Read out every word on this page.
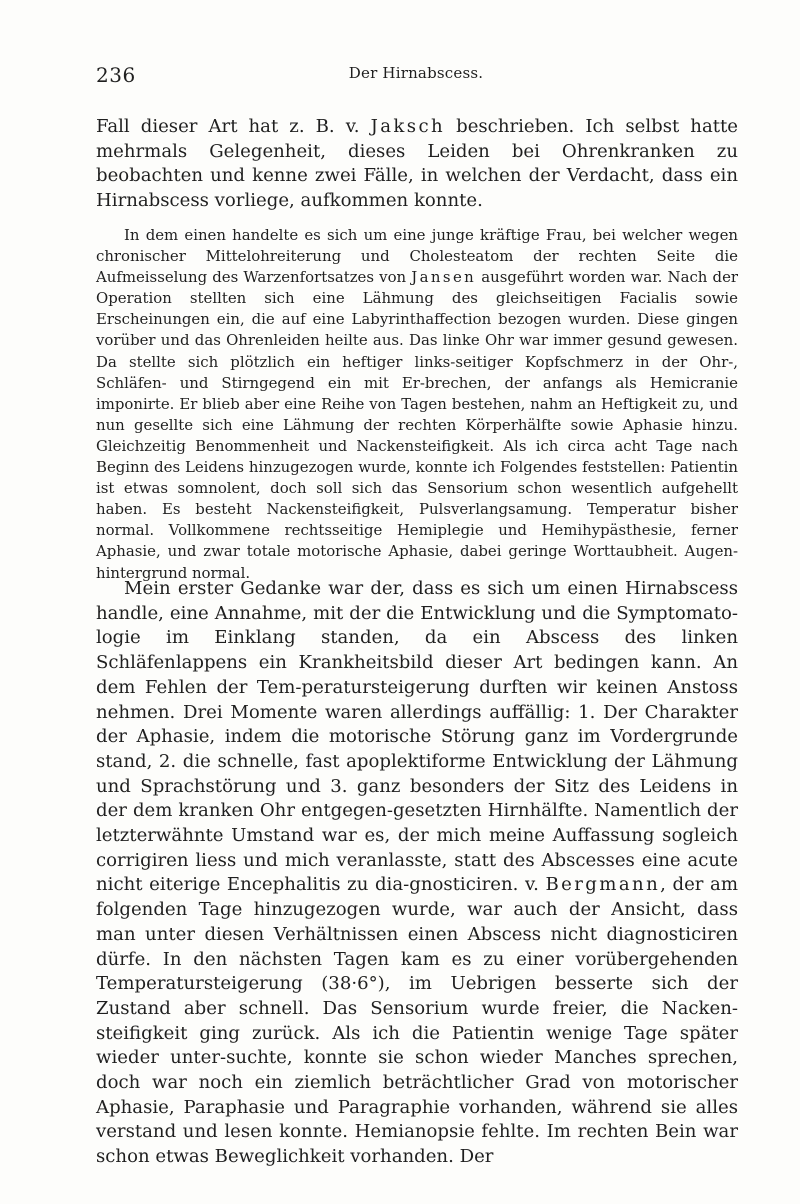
236	Der Hirnabscess.

Fall dieser Art hat z. B. v. Jaksch beschrieben. Ich selbst hatte mehrmals Gelegenheit, dieses Leiden bei Ohrenkranken zu beobachten und kenne zwei Fälle, in welchen der Verdacht, dass ein Hirnabscess vorliege, aufkommen konnte.

In dem einen handelte es sich um eine junge kräftige Frau, bei welcher wegen chronischer Mittelohreiterung und Cholesteatom der rechten Seite die Aufmeisselung des Warzenfortsatzes von Jansen ausgeführt worden war. Nach der Operation stellten sich eine Lähmung des gleichseitigen Facialis sowie Erscheinungen ein, die auf eine Labyrinthaffection bezogen wurden. Diese gingen vorüber und das Ohrenleiden heilte aus. Das linke Ohr war immer gesund gewesen. Da stellte sich plötzlich ein heftiger links-seitiger Kopfschmerz in der Ohr-, Schläfen- und Stirngegend ein mit Er-brechen, der anfangs als Hemicranie imponirte. Er blieb aber eine Reihe von Tagen bestehen, nahm an Heftigkeit zu, und nun gesellte sich eine Lähmung der rechten Körperhälfte sowie Aphasie hinzu. Gleichzeitig Benommenheit und Nackensteifigkeit. Als ich circa acht Tage nach Beginn des Leidens hinzugezogen wurde, konnte ich Folgendes feststellen: Patientin ist etwas somnolent, doch soll sich das Sensorium schon wesentlich aufgehellt haben. Es besteht Nackensteifigkeit, Pulsverlangsamung. Temperatur bisher normal. Vollkommene rechtsseitige Hemiplegie und Hemihypästhesie, ferner Aphasie, und zwar totale motorische Aphasie, dabei geringe Worttaubheit. Augen-hintergrund normal.

Mein erster Gedanke war der, dass es sich um einen Hirnabscess handle, eine Annahme, mit der die Entwicklung und die Symptomato-logie im Einklang standen, da ein Abscess des linken Schläfenlappens ein Krankheitsbild dieser Art bedingen kann. An dem Fehlen der Tem-peratursteigerung durften wir keinen Anstoss nehmen. Drei Momente waren allerdings auffällig: 1. Der Charakter der Aphasie, indem die motorische Störung ganz im Vordergrunde stand, 2. die schnelle, fast apoplektiforme Entwicklung der Lähmung und Sprachstörung und 3. ganz besonders der Sitz des Leidens in der dem kranken Ohr entgegen-gesetzten Hirnhälfte. Namentlich der letzterwähnte Umstand war es, der mich meine Auffassung sogleich corrigiren liess und mich veranlasste, statt des Abscesses eine acute nicht eiterige Encephalitis zu dia-gnosticiren. v. Bergmann, der am folgenden Tage hinzugezogen wurde, war auch der Ansicht, dass man unter diesen Verhältnissen einen Abscess nicht diagnosticiren dürfe. In den nächsten Tagen kam es zu einer vorübergehenden Temperatursteigerung (38·6°), im Uebrigen besserte sich der Zustand aber schnell. Das Sensorium wurde freier, die Nacken-steifigkeit ging zurück. Als ich die Patientin wenige Tage später wieder unter-suchte, konnte sie schon wieder Manches sprechen, doch war noch ein ziemlich beträchtlicher Grad von motorischer Aphasie, Paraphasie und Paragraphie vorhanden, während sie alles verstand und lesen konnte. Hemianopsie fehlte. Im rechten Bein war schon etwas Beweglichkeit vorhanden. Der
